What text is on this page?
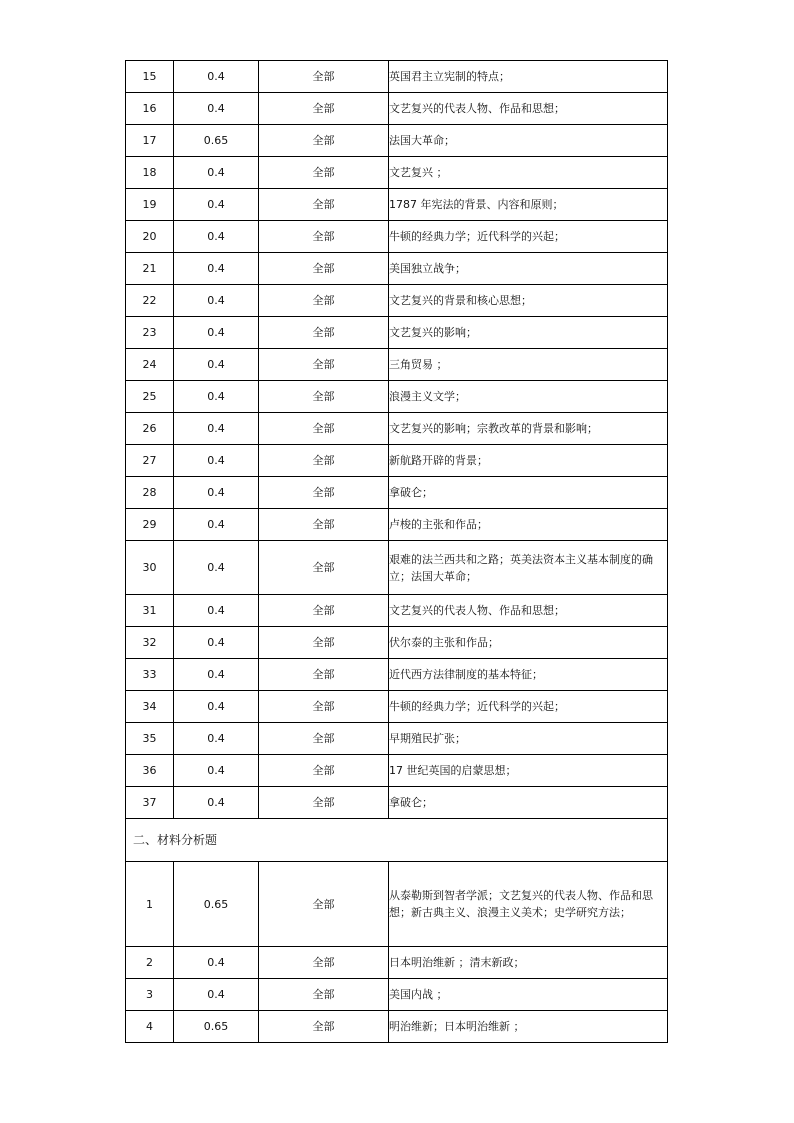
15	0.4	全部	英国君主立宪制的特点；
16	0.4	全部	文艺复兴的代表人物、作品和思想；
17	0.65	全部	法国大革命；
18	0.4	全部	文艺复兴 ；
19	0.4	全部	1787 年宪法的背景、内容和原则；
20	0.4	全部	牛顿的经典力学；近代科学的兴起；
21	0.4	全部	美国独立战争；
22	0.4	全部	文艺复兴的背景和核心思想；
23	0.4	全部	文艺复兴的影响；
24	0.4	全部	三角贸易 ；
25	0.4	全部	浪漫主义文学；
26	0.4	全部	文艺复兴的影响；宗教改革的背景和影响；
27	0.4	全部	新航路开辟的背景；
28	0.4	全部	拿破仑；
29	0.4	全部	卢梭的主张和作品；
30	0.4	全部	艰难的法兰西共和之路；英美法资本主义基本制度的确立；法国大革命；
31	0.4	全部	文艺复兴的代表人物、作品和思想；
32	0.4	全部	伏尔泰的主张和作品；
33	0.4	全部	近代西方法律制度的基本特征；
34	0.4	全部	牛顿的经典力学；近代科学的兴起；
35	0.4	全部	早期殖民扩张；
36	0.4	全部	17 世纪英国的启蒙思想；
37	0.4	全部	拿破仑；
二、材料分析题			
1	0.65	全部	从泰勒斯到智者学派；文艺复兴的代表人物、作品和思想；新古典主义、浪漫主义美术；史学研究方法；
2	0.4	全部	日本明治维新 ；清末新政；
3	0.4	全部	美国内战 ；
4	0.65	全部	明治维新；日本明治维新 ；
